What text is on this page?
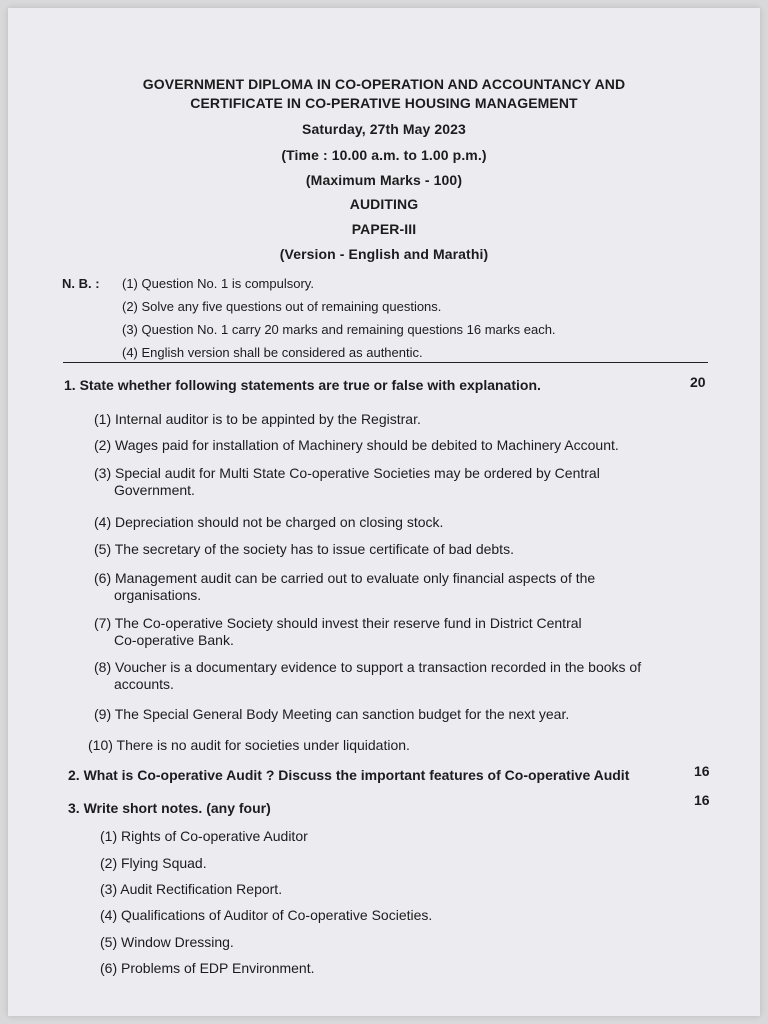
GOVERNMENT DIPLOMA IN CO-OPERATION AND ACCOUNTANCY AND
CERTIFICATE IN CO-PERATIVE HOUSING MANAGEMENT
Saturday, 27th May 2023
(Time : 10.00 a.m. to 1.00 p.m.)
(Maximum Marks - 100)
AUDITING
PAPER-III
(Version - English and Marathi)
N. B. : (1) Question No. 1 is compulsory.
(2) Solve any five questions out of remaining questions.
(3) Question No. 1 carry 20 marks and remaining questions 16 marks each.
(4) English version shall be considered as authentic.
1. State whether following statements are true or false with explanation.	20
(1) Internal auditor is to be appinted by the Registrar.
(2) Wages paid for installation of Machinery should be debited to Machinery Account.
(3) Special audit for Multi State Co-operative Societies may be ordered by Central
Government.
(4) Depreciation should not be charged on closing stock.
(5) The secretary of the society has to issue certificate of bad debts.
(6) Management audit can be carried out to evaluate only financial aspects of the
organisations.
(7) The Co-operative Society should invest their reserve fund in District Central
Co-operative Bank.
(8) Voucher is a documentary evidence to support a transaction recorded in the books of
accounts.
(9) The Special General Body Meeting can sanction budget for the next year.
(10) There is no audit for societies under liquidation.
2. What is Co-operative Audit ? Discuss the important features of Co-operative Audit	16
3. Write short notes. (any four)	16
(1) Rights of Co-operative Auditor
(2) Flying Squad.
(3) Audit Rectification Report.
(4) Qualifications of Auditor of Co-operative Societies.
(5) Window Dressing.
(6) Problems of EDP Environment.
